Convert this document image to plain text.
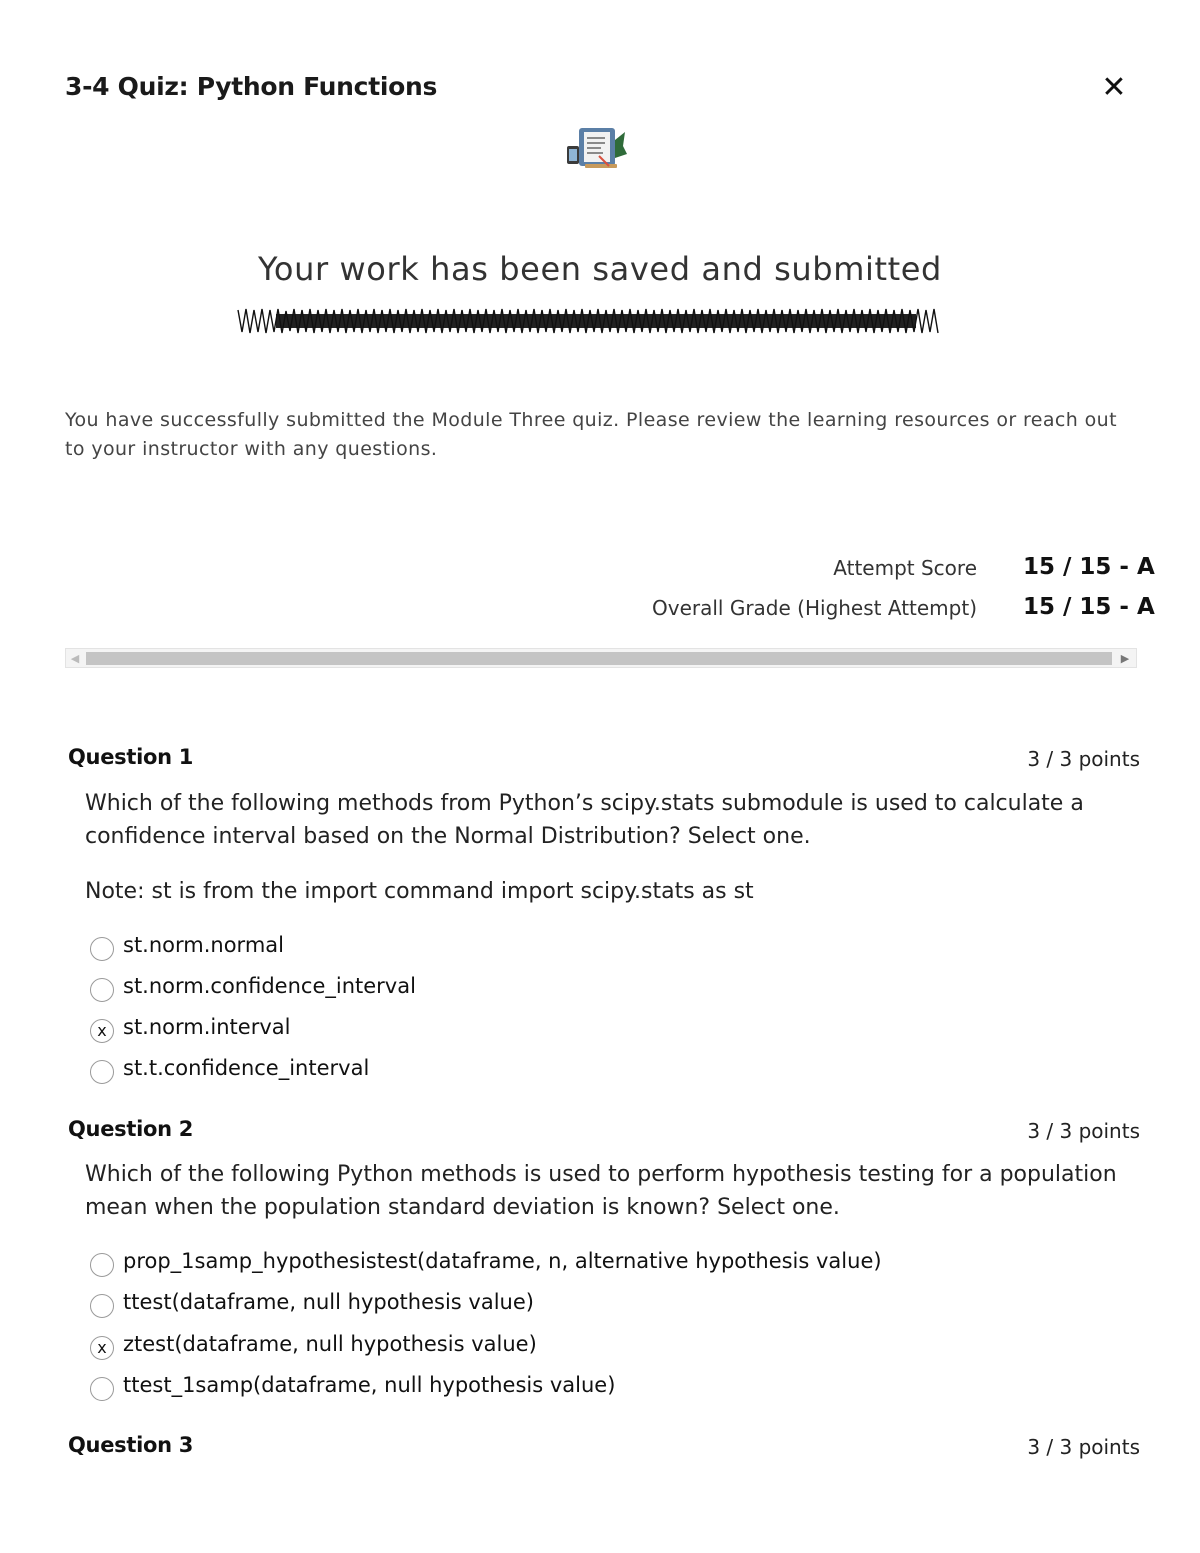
3-4 Quiz: Python Functions	✕
Your work has been saved and submitted
You have successfully submitted the Module Three quiz. Please review the learning resources or reach out to your instructor with any questions.
Attempt Score 15 / 15 - A
Overall Grade (Highest Attempt) 15 / 15 - A
◀	▶
Question 1	3 / 3 points
Which of the following methods from Python’s scipy.stats submodule is used to calculate a confidence interval based on the Normal Distribution? Select one.
Note: st is from the import command import scipy.stats as st
st.norm.normal
st.norm.confidence_interval
x st.norm.interval
st.t.confidence_interval
Question 2	3 / 3 points
Which of the following Python methods is used to perform hypothesis testing for a population mean when the population standard deviation is known? Select one.
prop_1samp_hypothesistest(dataframe, n, alternative hypothesis value)
ttest(dataframe, null hypothesis value)
x ztest(dataframe, null hypothesis value)
ttest_1samp(dataframe, null hypothesis value)
Question 3	3 / 3 points
